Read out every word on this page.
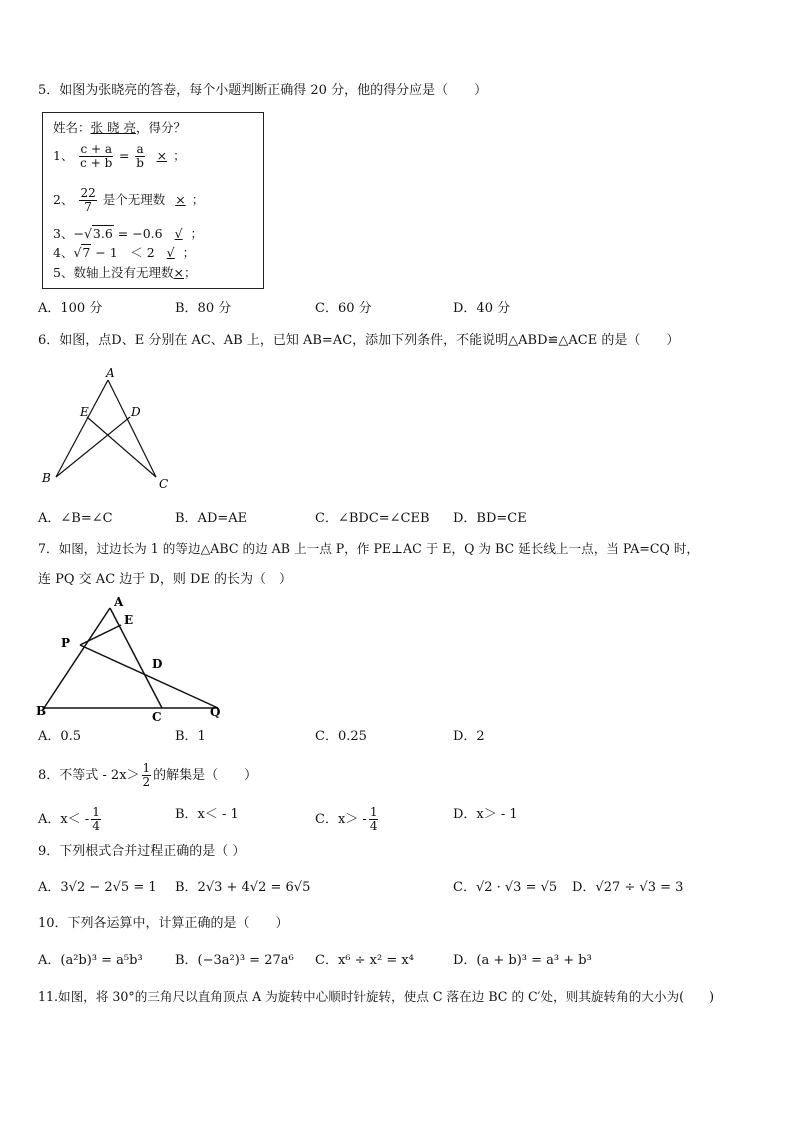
5．如图为张晓亮的答卷，每个小题判断正确得 20 分，他的得分应是（　　）
姓名：张 晓 亮，得分？
1、 $\frac{c + a}{c + b} = \frac{a}{b}$ × ；
2、 $\frac{22}{7}$ 是个无理数 × ；
3、−√3.6 = −0.6 √ ；
4、√7 − 1　＜ 2 √ ；
5、数轴上没有无理数×；
A．100 分	B．80 分	C．60 分	D．40 分
6．如图，点D、E 分别在 AC、AB 上，已知 AB=AC，添加下列条件，不能说明△ABD≌△ACE 的是（　　）
A
E	D
B	C
A．∠B=∠C	B．AD=AE	C．∠BDC=∠CEB D．BD=CE
7．如图，过边长为 1 的等边△ABC 的边 AB 上一点 P，作 PE⊥AC 于 E，Q 为 BC 延长线上一点，当 PA=CQ 时，
连 PQ 交 AC 边于 D，则 DE 的长为（　）
A
E
P
D
B	C	Q
A．0.5	B．1	C．0.25	D．2
8．不等式 - $2x> \frac{1}{2}$ 的解集是（　　）
A．$x< - \frac{1}{4}$	B．x＜ - 1	C．$x> - \frac{1}{4}$	D．x＞ - 1
9．下列根式合并过程正确的是（ ）
A．3√2 − 2√5 = 1 B．2√3 + 4√2 = 6√5	C．√2 · √3 = √5 D．√27 ÷ √3 = 3
10．下列各运算中，计算正确的是（　　）
A．(a²b)³ = a⁵b³ B．(−3a²)³ = 27a⁶ C．x⁶ ÷ x² = x⁴	D．(a + b)³ = a³ + b³
11.如图，将 30°的三角尺以直角顶点 A 为旋转中心顺时针旋转，使点 C 落在边 BC 的 C′处，则其旋转角的大小为(　　)
